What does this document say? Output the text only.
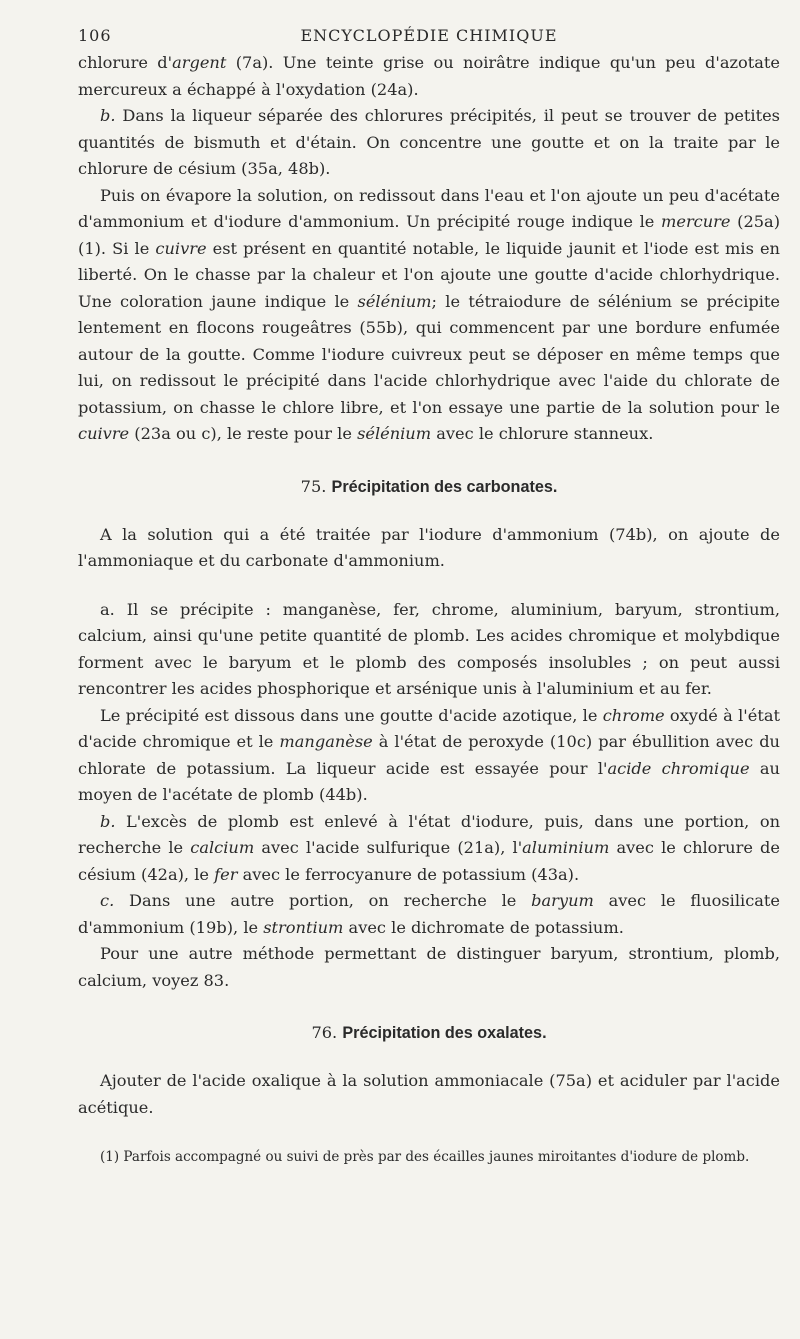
106	ENCYCLOPÉDIE CHIMIQUE

chlorure d'argent (7a). Une teinte grise ou noirâtre indique qu'un peu d'azotate mercureux a échappé à l'oxydation (24a).

b. Dans la liqueur séparée des chlorures précipités, il peut se trouver de petites quantités de bismuth et d'étain. On concentre une goutte et on la traite par le chlorure de césium (35a, 48b).

Puis on évapore la solution, on redissout dans l'eau et l'on ajoute un peu d'acétate d'ammonium et d'iodure d'ammonium. Un précipité rouge indique le mercure (25a) (1). Si le cuivre est présent en quantité notable, le liquide jaunit et l'iode est mis en liberté. On le chasse par la chaleur et l'on ajoute une goutte d'acide chlorhydrique. Une coloration jaune indique le sélénium; le tétraiodure de sélénium se précipite lentement en flocons rougeâtres (55b), qui commencent par une bordure enfumée autour de la goutte. Comme l'iodure cuivreux peut se déposer en même temps que lui, on redissout le précipité dans l'acide chlorhydrique avec l'aide du chlorate de potassium, on chasse le chlore libre, et l'on essaye une partie de la solution pour le cuivre (23a ou c), le reste pour le sélénium avec le chlorure stanneux.

75. Précipitation des carbonates.

A la solution qui a été traitée par l'iodure d'ammonium (74b), on ajoute de l'ammoniaque et du carbonate d'ammonium.

a. Il se précipite : manganèse, fer, chrome, aluminium, baryum, strontium, calcium, ainsi qu'une petite quantité de plomb. Les acides chromique et molybdique forment avec le baryum et le plomb des composés insolubles ; on peut aussi rencontrer les acides phosphorique et arsénique unis à l'aluminium et au fer.

Le précipité est dissous dans une goutte d'acide azotique, le chrome oxydé à l'état d'acide chromique et le manganèse à l'état de peroxyde (10c) par ébullition avec du chlorate de potassium. La liqueur acide est essayée pour l'acide chromique au moyen de l'acétate de plomb (44b).

b. L'excès de plomb est enlevé à l'état d'iodure, puis, dans une portion, on recherche le calcium avec l'acide sulfurique (21a), l'aluminium avec le chlorure de césium (42a), le fer avec le ferrocyanure de potassium (43a).

c. Dans une autre portion, on recherche le baryum avec le fluosilicate d'ammonium (19b), le strontium avec le dichromate de potassium.

Pour une autre méthode permettant de distinguer baryum, strontium, plomb, calcium, voyez 83.

76. Précipitation des oxalates.

Ajouter de l'acide oxalique à la solution ammoniacale (75a) et aciduler par l'acide acétique.

(1) Parfois accompagné ou suivi de près par des écailles jaunes miroitantes d'iodure de plomb.
